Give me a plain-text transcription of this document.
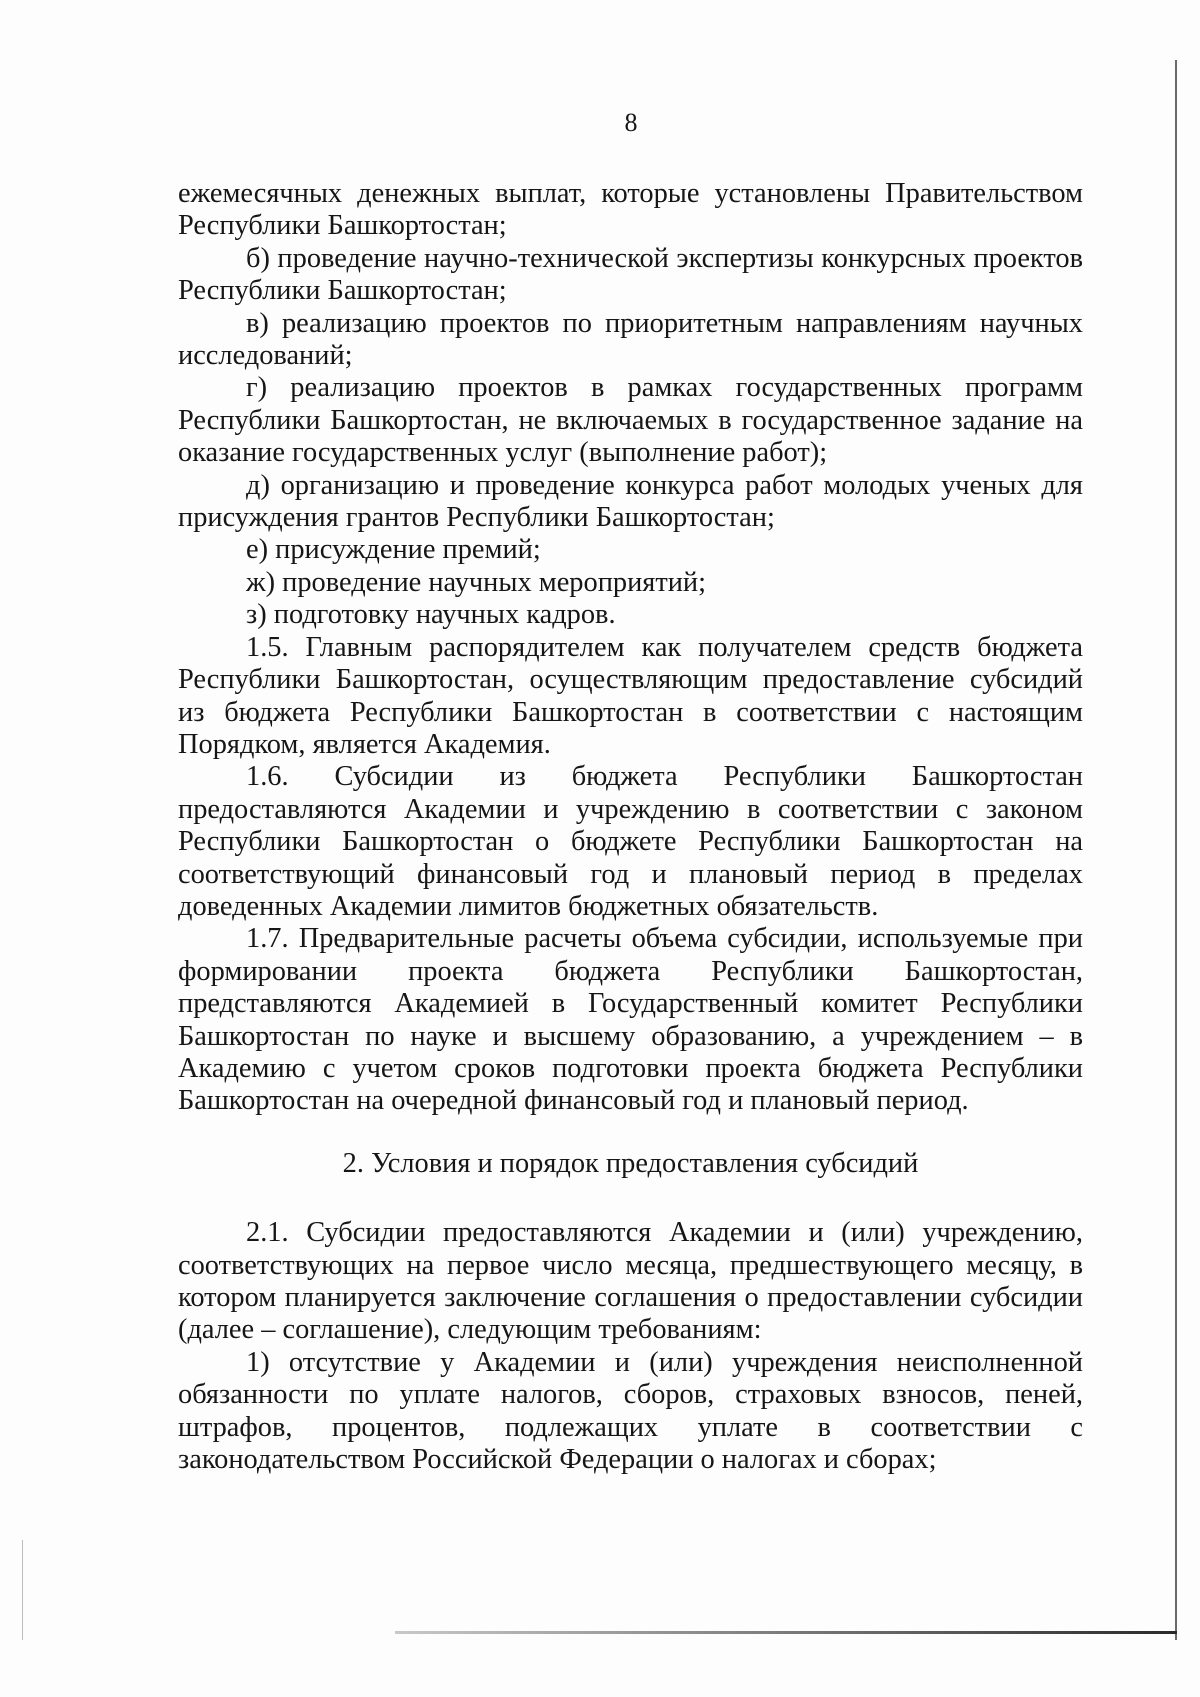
8

ежемесячных денежных выплат, которые установлены Правительством Республики Башкортостан;

б) проведение научно-технической экспертизы конкурсных проектов Республики Башкортостан;

в) реализацию проектов по приоритетным направлениям научных исследований;

г) реализацию проектов в рамках государственных программ Республики Башкортостан, не включаемых в государственное задание на оказание государственных услуг (выполнение работ);

д) организацию и проведение конкурса работ молодых ученых для присуждения грантов Республики Башкортостан;

е) присуждение премий;

ж) проведение научных мероприятий;

з) подготовку научных кадров.

1.5. Главным распорядителем как получателем средств бюджета Республики Башкортостан, осуществляющим предоставление субсидий из бюджета Республики Башкортостан в соответствии с настоящим Порядком, является Академия.

1.6. Субсидии из бюджета Республики Башкортостан предоставляются Академии и учреждению в соответствии с законом Республики Башкортостан о бюджете Республики Башкортостан на соответствующий финансовый год и плановый период в пределах доведенных Академии лимитов бюджетных обязательств.

1.7. Предварительные расчеты объема субсидии, используемые при формировании проекта бюджета Республики Башкортостан, представляются Академией в Государственный комитет Республики Башкортостан по науке и высшему образованию, а учреждением – в Академию с учетом сроков подготовки проекта бюджета Республики Башкортостан на очередной финансовый год и плановый период.

2. Условия и порядок предоставления субсидий

2.1. Субсидии предоставляются Академии и (или) учреждению, соответствующих на первое число месяца, предшествующего месяцу, в котором планируется заключение соглашения о предоставлении субсидии (далее – соглашение), следующим требованиям:

1) отсутствие у Академии и (или) учреждения неисполненной обязанности по уплате налогов, сборов, страховых взносов, пеней, штрафов, процентов, подлежащих уплате в соответствии с законодательством Российской Федерации о налогах и сборах;
